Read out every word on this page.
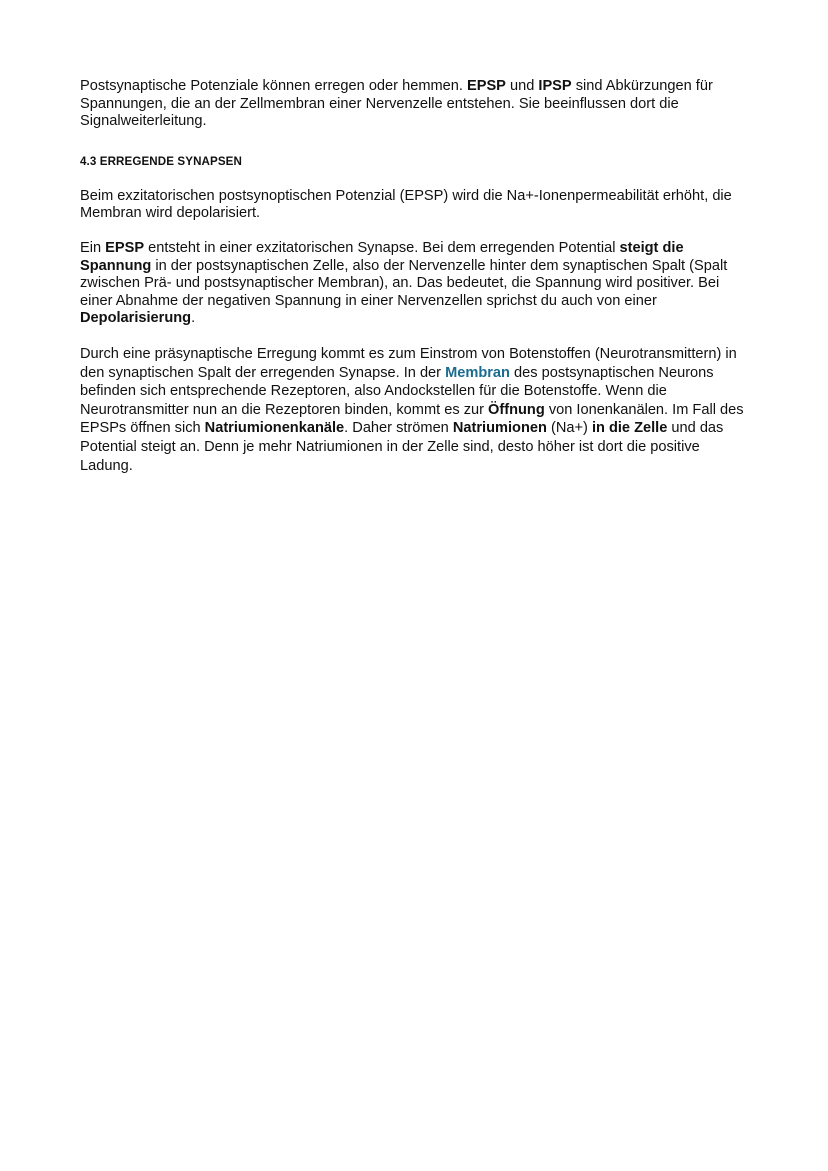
Postsynaptische Potenziale können erregen oder hemmen. EPSP und IPSP sind Abkürzungen für Spannungen, die an der Zellmembran einer Nervenzelle entstehen. Sie beeinflussen dort die Signalweiterleitung.

4.3 ERREGENDE SYNAPSEN

Beim exzitatorischen postsynoptischen Potenzial (EPSP) wird die Na+-Ionenpermeabilität erhöht, die Membran wird depolarisiert.

Ein EPSP entsteht in einer exzitatorischen Synapse. Bei dem erregenden Potential steigt die Spannung in der postsynaptischen Zelle, also der Nervenzelle hinter dem synaptischen Spalt (Spalt zwischen Prä- und postsynaptischer Membran), an. Das bedeutet, die Spannung wird positiver. Bei einer Abnahme der negativen Spannung in einer Nervenzellen sprichst du auch von einer Depolarisierung.

Durch eine präsynaptische Erregung kommt es zum Einstrom von Botenstoffen (Neurotransmittern) in den synaptischen Spalt der erregenden Synapse. In der Membran des postsynaptischen Neurons befinden sich entsprechende Rezeptoren, also Andockstellen für die Botenstoffe. Wenn die Neurotransmitter nun an die Rezeptoren binden, kommt es zur Öffnung von Ionenkanälen. Im Fall des EPSPs öffnen sich Natriumionenkanäle. Daher strömen Natriumionen (Na+) in die Zelle und das Potential steigt an. Denn je mehr Natriumionen in der Zelle sind, desto höher ist dort die positive Ladung.
